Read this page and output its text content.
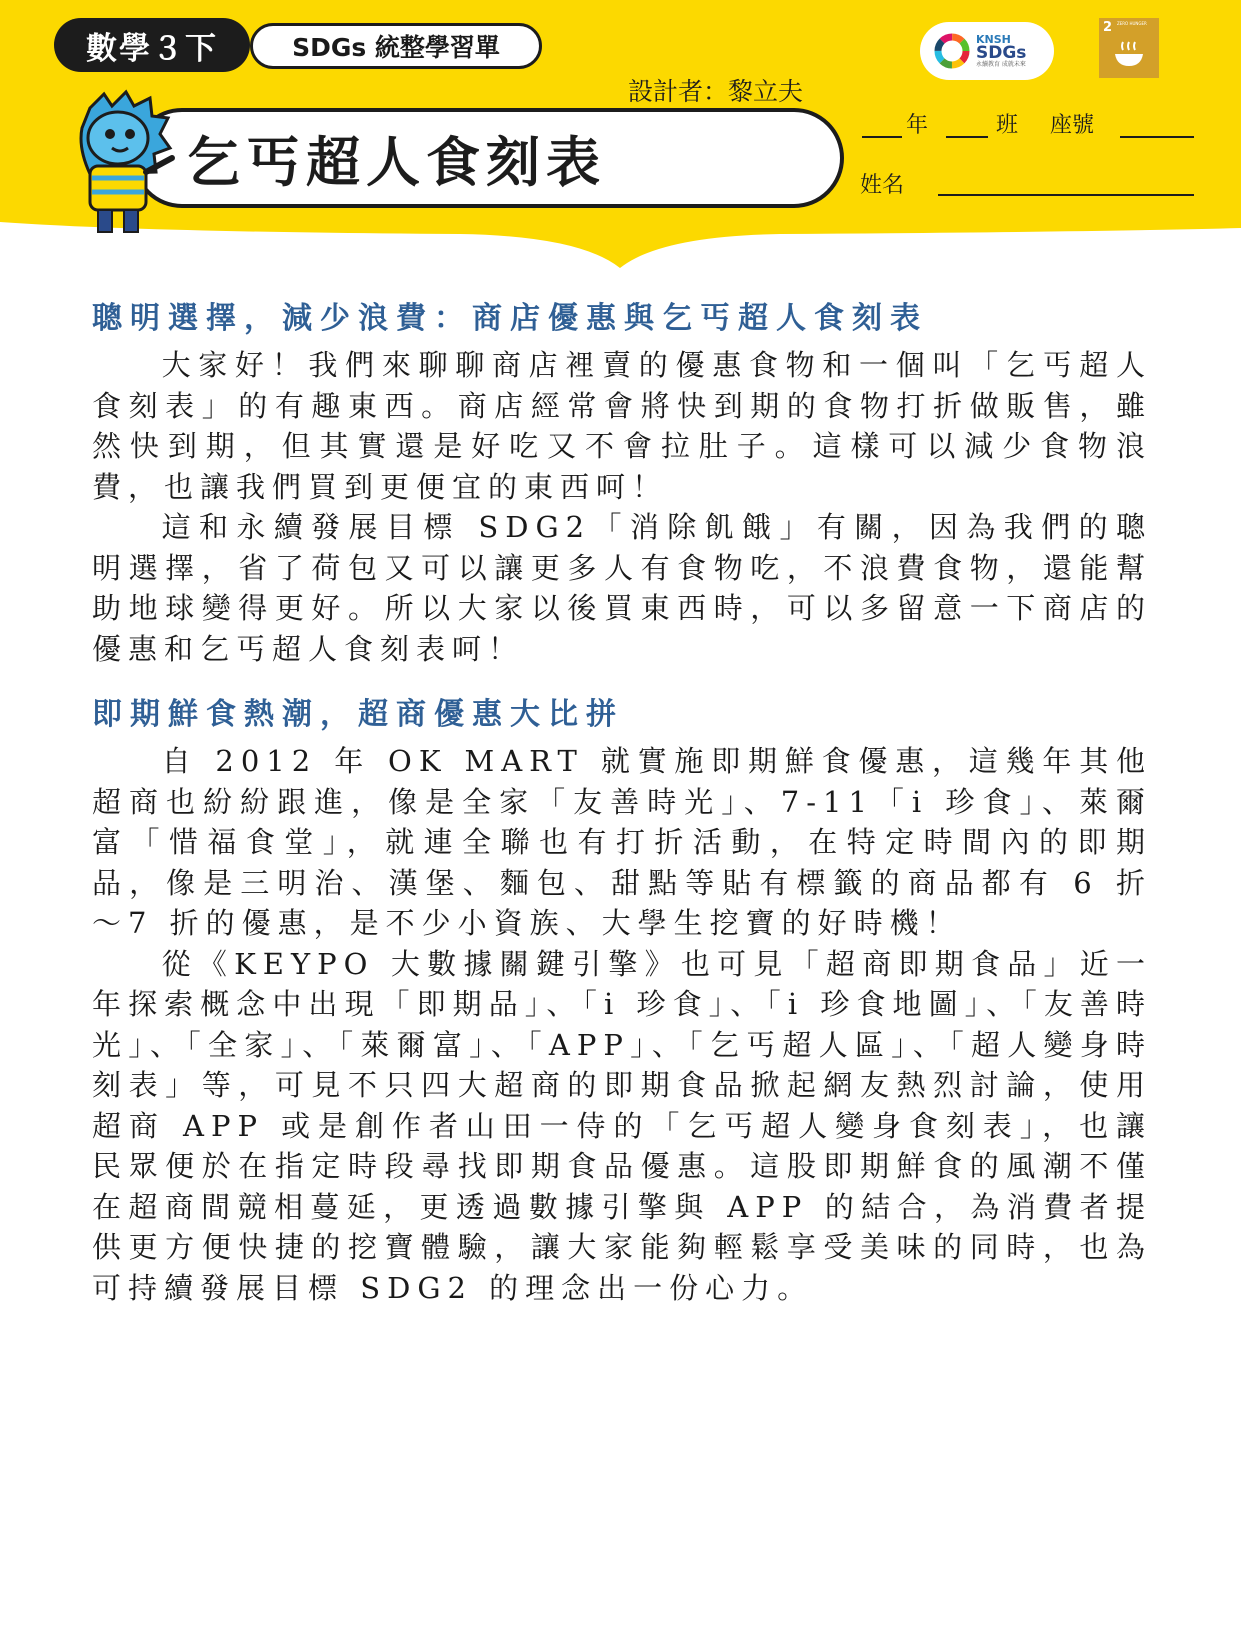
數學３下	SDGs 統整學習單
設計者：黎立夫
乞丐超人食刻表
KNSH
SDGs
永續教育 成就未來
2 ZERO HUNGER
年	班 座號
姓名
聰明選擇，減少浪費：商店優惠與乞丐超人食刻表

大家好！我們來聊聊商店裡賣的優惠食物和一個叫「乞丐超人食刻表」的有趣東西。商店經常會將快到期的食物打折做販售，雖然快到期，但其實還是好吃又不會拉肚子。這樣可以減少食物浪費，也讓我們買到更便宜的東西呵！

這和永續發展目標 SDG2「消除飢餓」有關，因為我們的聰明選擇，省了荷包又可以讓更多人有食物吃，不浪費食物，還能幫助地球變得更好。所以大家以後買東西時，可以多留意一下商店的優惠和乞丐超人食刻表呵！

即期鮮食熱潮，超商優惠大比拼

自 2012 年 OK MART 就實施即期鮮食優惠，這幾年其他超商也紛紛跟進，像是全家「友善時光」、7-11「i 珍食」、萊爾富「惜福食堂」，就連全聯也有打折活動，在特定時間內的即期品，像是三明治、漢堡、麵包、甜點等貼有標籤的商品都有 6 折～7 折的優惠，是不少小資族、大學生挖寶的好時機！

從《KEYPO 大數據關鍵引擎》也可見「超商即期食品」近一年探索概念中出現「即期品」、「i 珍食」、「i 珍食地圖」、「友善時光」、「全家」、「萊爾富」、「APP」、「乞丐超人區」、「超人變身時刻表」等，可見不只四大超商的即期食品掀起網友熱烈討論，使用超商 APP 或是創作者山田一侍的「乞丐超人變身食刻表」，也讓民眾便於在指定時段尋找即期食品優惠。這股即期鮮食的風潮不僅在超商間競相蔓延，更透過數據引擎與 APP 的結合，為消費者提供更方便快捷的挖寶體驗，讓大家能夠輕鬆享受美味的同時，也為可持續發展目標 SDG2 的理念出一份心力。
